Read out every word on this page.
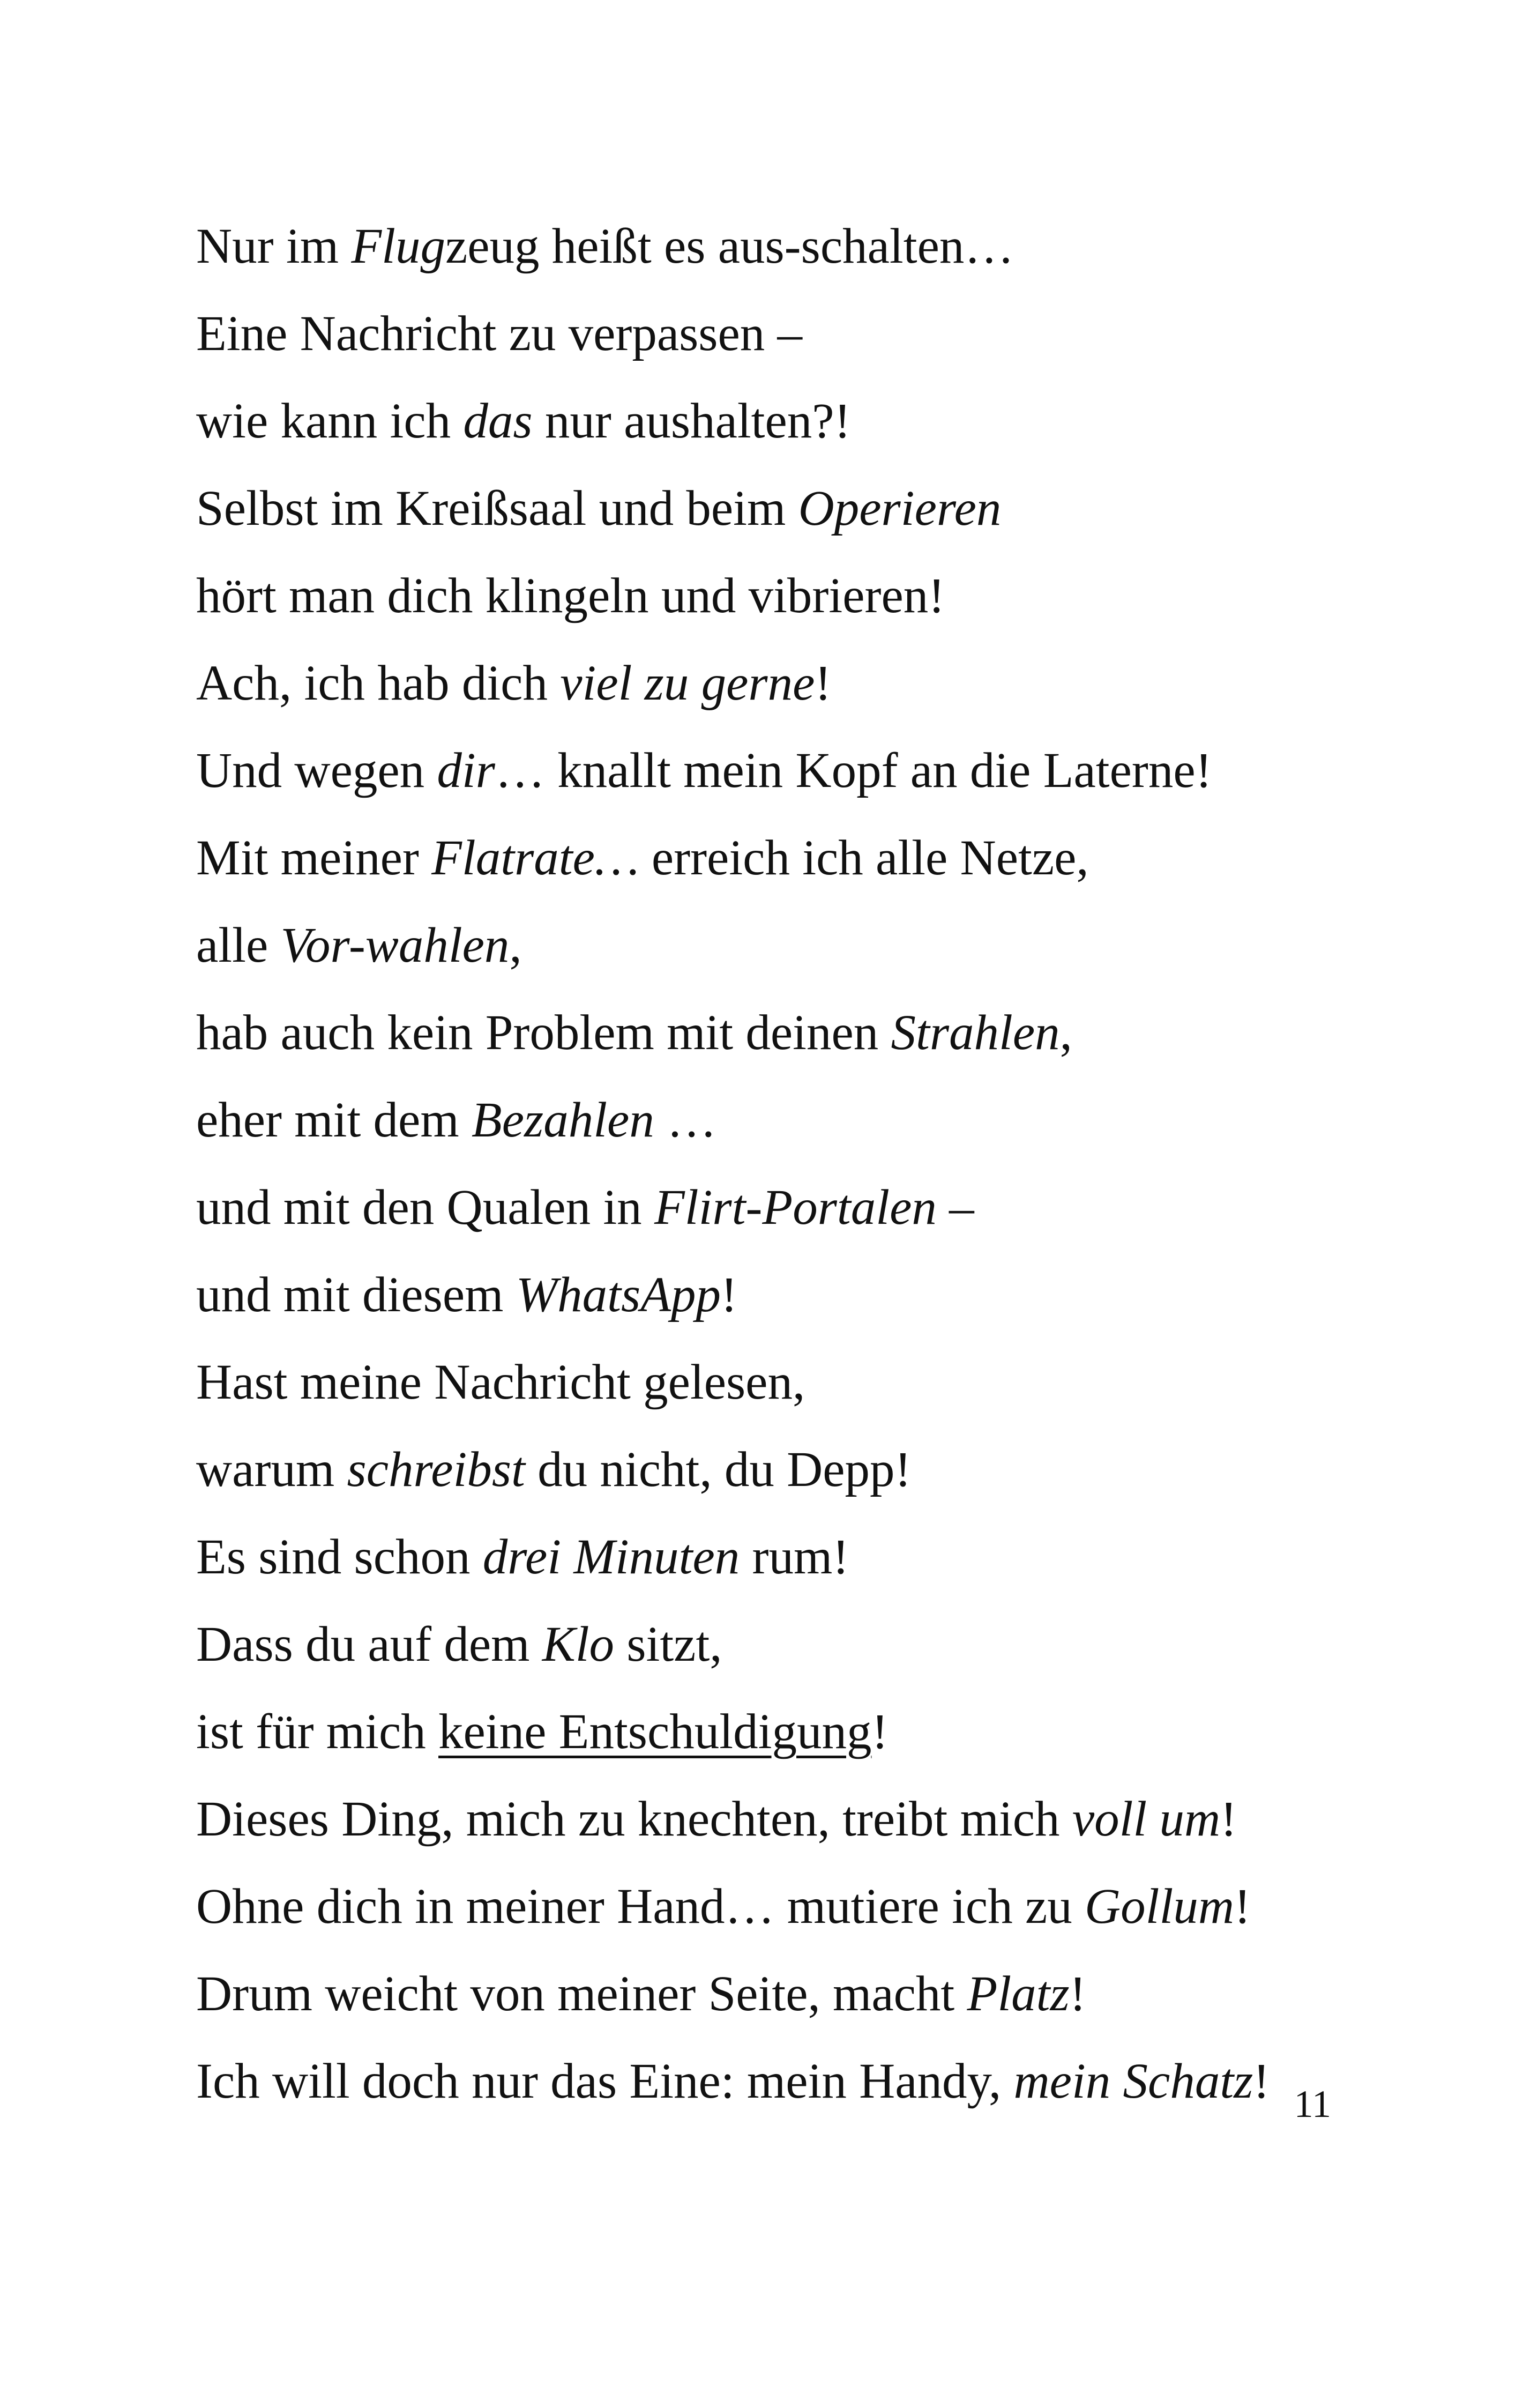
Nur im Flugzeug heißt es aus-schalten…
Eine Nachricht zu verpassen –
wie kann ich das nur aushalten?!
Selbst im Kreißsaal und beim Operieren
hört man dich klingeln und vibrieren!
Ach, ich hab dich viel zu gerne!
Und wegen dir… knallt mein Kopf an die Laterne!
Mit meiner Flatrate… erreich ich alle Netze,
alle Vor-wahlen,
hab auch kein Problem mit deinen Strahlen,
eher mit dem Bezahlen …
und mit den Qualen in Flirt-Portalen –
und mit diesem WhatsApp!
Hast meine Nachricht gelesen,
warum schreibst du nicht, du Depp!
Es sind schon drei Minuten rum!
Dass du auf dem Klo sitzt,
ist für mich keine Entschuldigung!
Dieses Ding, mich zu knechten, treibt mich voll um!
Ohne dich in meiner Hand… mutiere ich zu Gollum!
Drum weicht von meiner Seite, macht Platz!
Ich will doch nur das Eine: mein Handy, mein Schatz! 11
